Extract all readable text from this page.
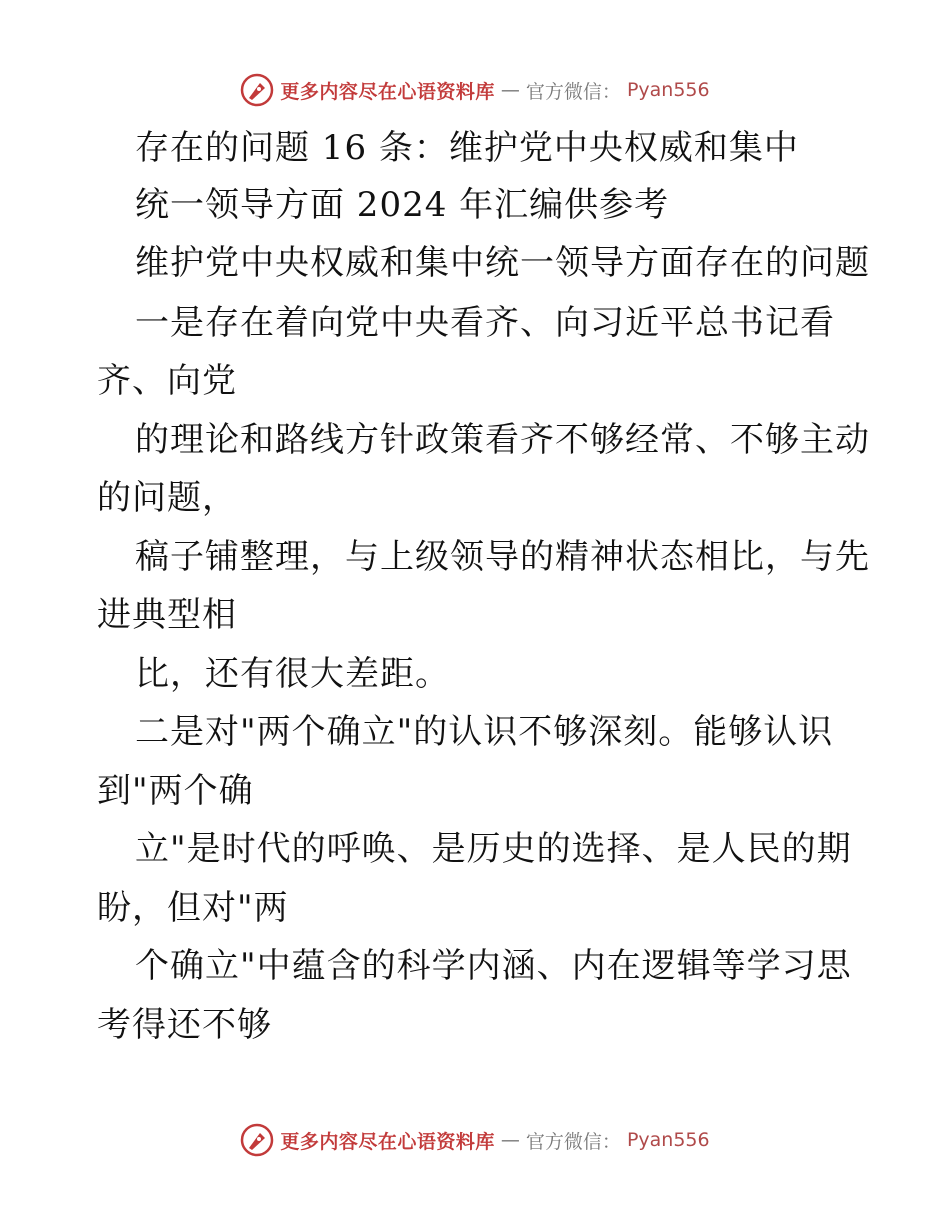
更多内容尽在心语资料库 — 官方微信： Pyan556
存在的问题 16 条：维护党中央权威和集中
统一领导方面 2024 年汇编供参考
维护党中央权威和集中统一领导方面存在的问题
一是存在着向党中央看齐、向习近平总书记看
齐、向党
的理论和路线方针政策看齐不够经常、不够主动
的问题，
稿子铺整理，与上级领导的精神状态相比，与先
进典型相
比，还有很大差距。
二是对"两个确立"的认识不够深刻。能够认识
到"两个确
立"是时代的呼唤、是历史的选择、是人民的期
盼，但对"两
个确立"中蕴含的科学内涵、内在逻辑等学习思
考得还不够
更多内容尽在心语资料库 — 官方微信： Pyan556
